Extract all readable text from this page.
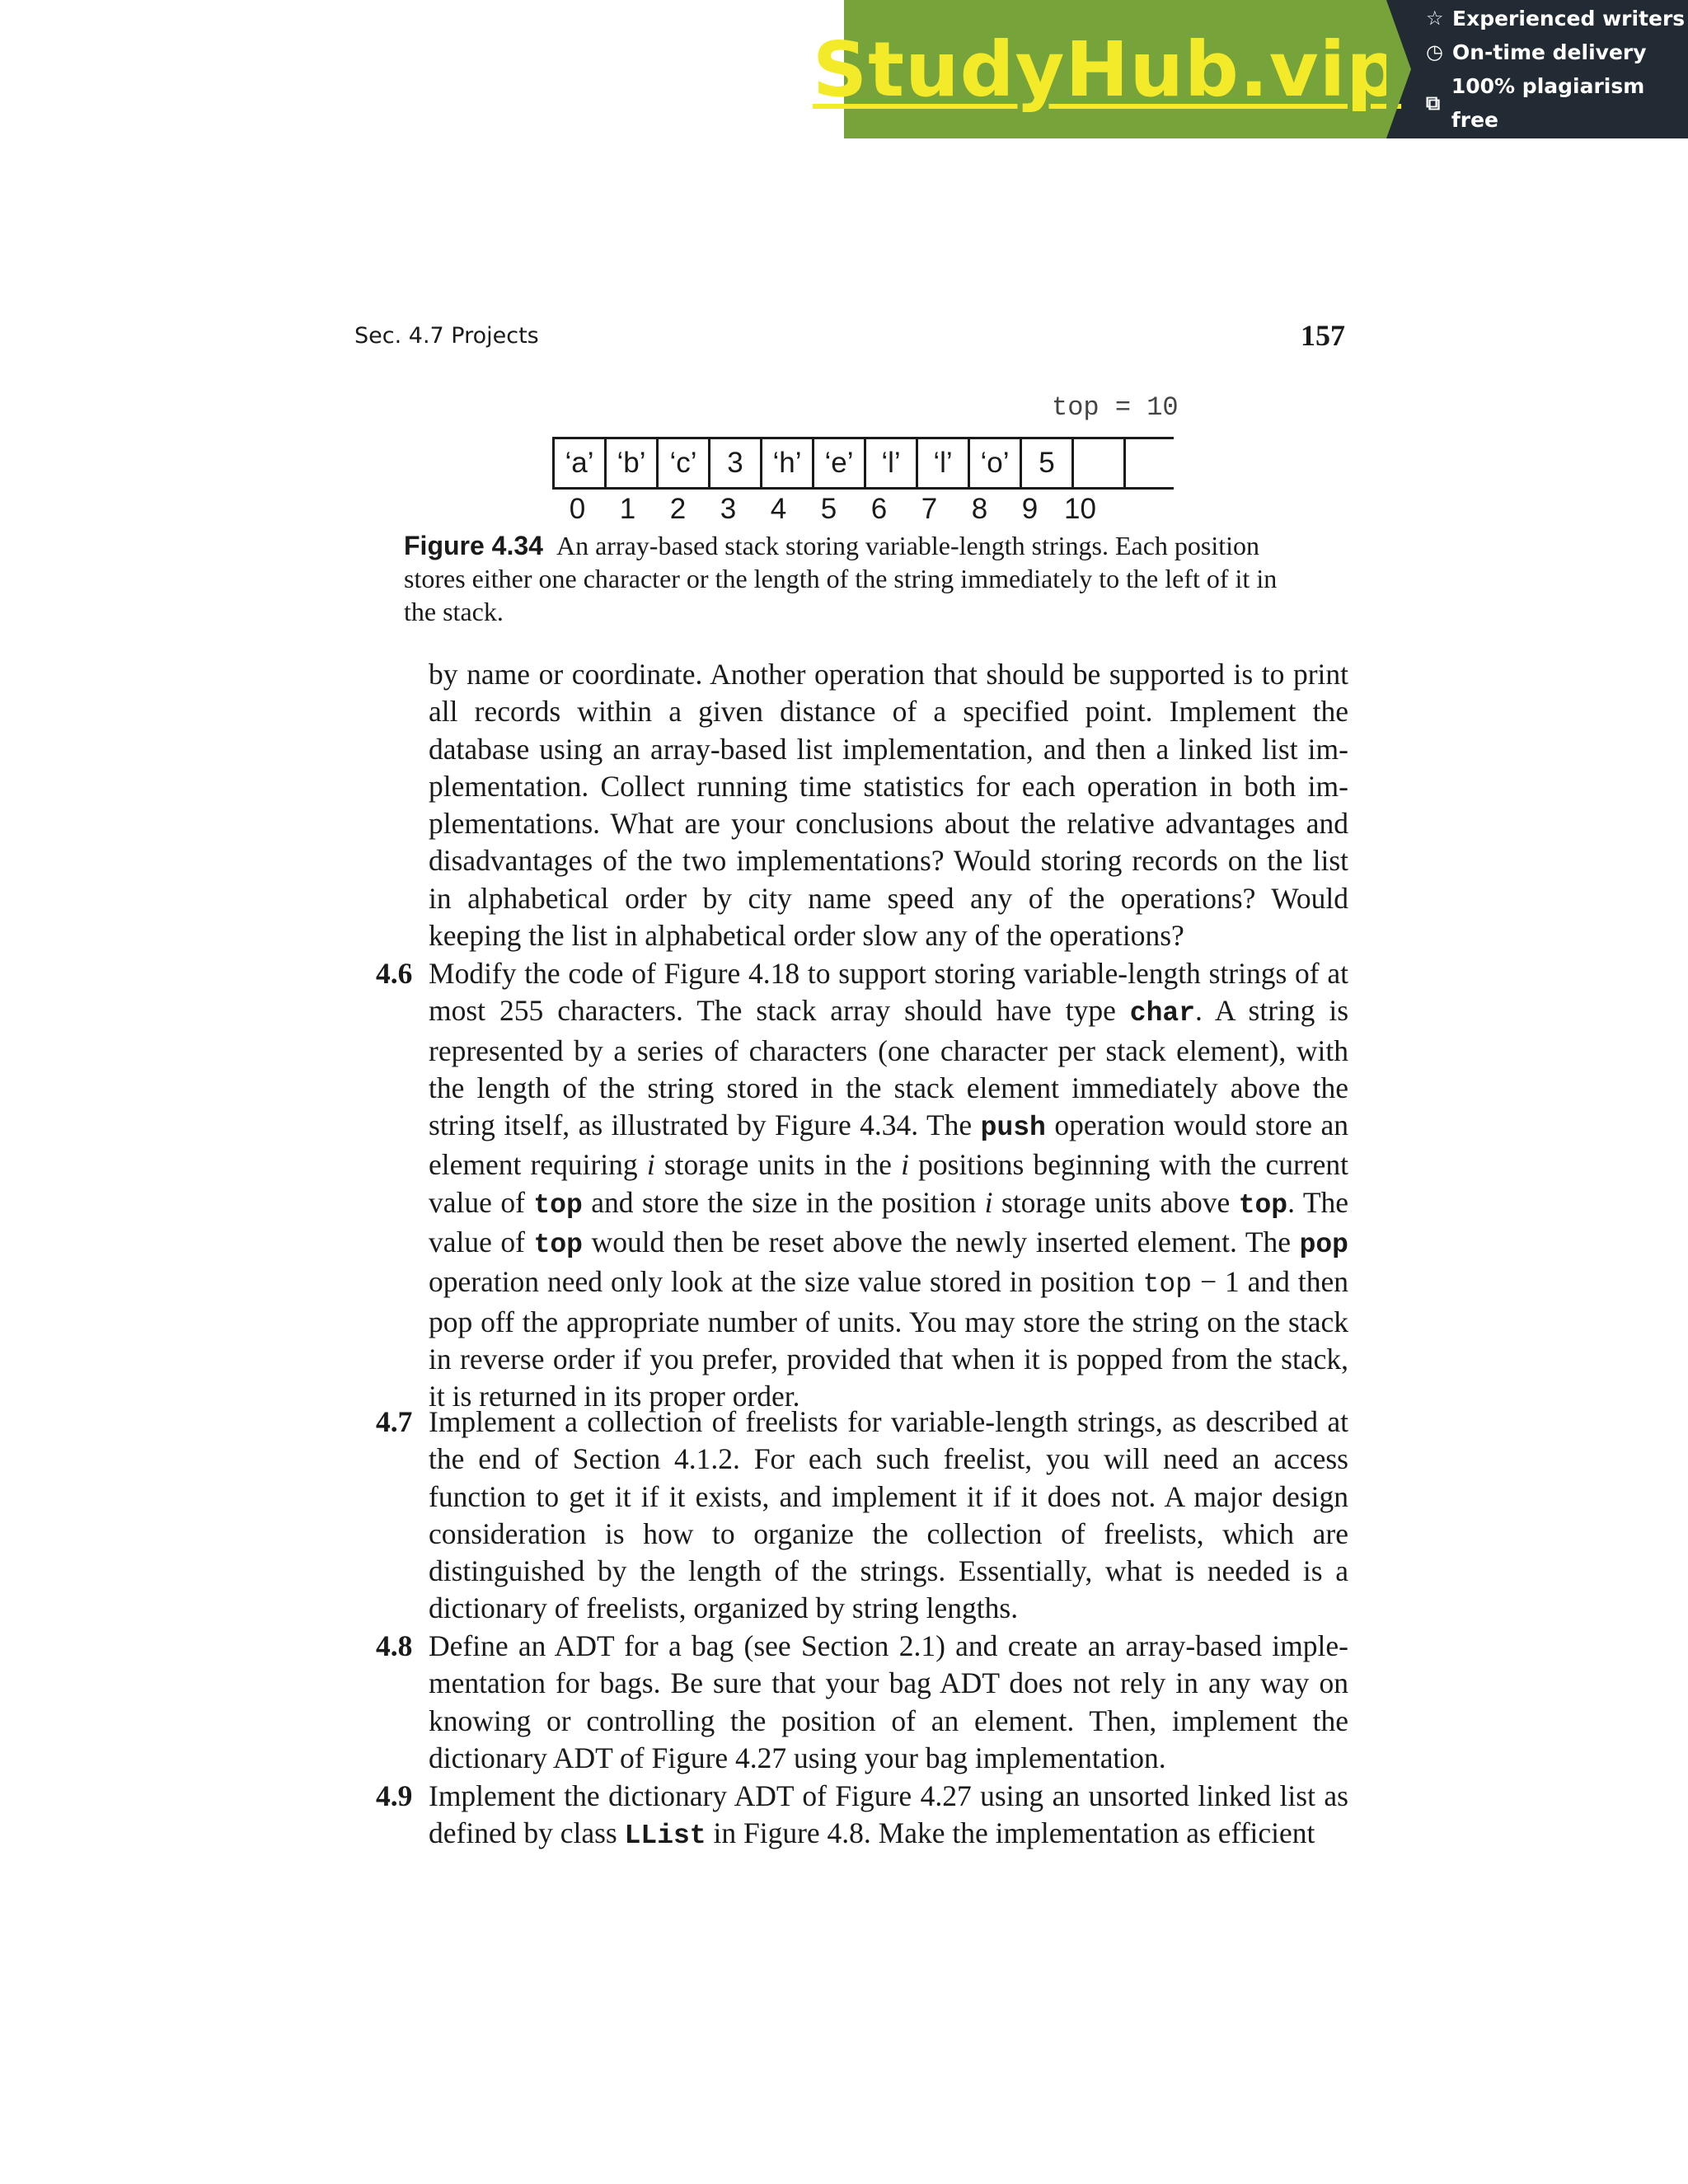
StudyHub.vip
☆ Experienced writers
◷ On-time delivery
⧉
100% plagiarism free
Sec. 4.7 Projects	157
top = 10
‘a’ ‘b’ ‘c’	3	‘h’ ‘e’ ‘l’	‘l’ ‘o’	5
0	1	2	3	4	5	6	7	8	9 10
Figure 4.34 An array-based stack storing variable-length strings. Each position stores either one character or the length of the string immediately to the left of it in the stack.
by name or coordinate. Another operation that should be supported is to print all records within a given distance of a specified point. Implement the database using an array-based list implementation, and then a linked list implementation. Collect running time statistics for each operation in both implementations. What are your conclusions about the relative advantages and disadvantages of the two implementations? Would storing records on the list in alphabetical order by city name speed any of the operations? Would keeping the list in alphabetical order slow any of the operations?
4.6 Modify the code of Figure 4.18 to support storing variable-length strings of at most 255 characters. The stack array should have type char. A string is represented by a series of characters (one character per stack element), with the length of the string stored in the stack element immediately above the string itself, as illustrated by Figure 4.34. The push operation would store an element requiring i storage units in the i positions beginning with the current value of top and store the size in the position i storage units above top. The value of top would then be reset above the newly inserted element. The pop operation need only look at the size value stored in position top − 1 and then pop off the appropriate number of units. You may store the string on the stack in reverse order if you prefer, provided that when it is popped from the stack, it is returned in its proper order.
4.7 Implement a collection of freelists for variable-length strings, as described at the end of Section 4.1.2. For each such freelist, you will need an access function to get it if it exists, and implement it if it does not. A major design consideration is how to organize the collection of freelists, which are distinguished by the length of the strings. Essentially, what is needed is a dictionary of freelists, organized by string lengths.
4.8 Define an ADT for a bag (see Section 2.1) and create an array-based implementation for bags. Be sure that your bag ADT does not rely in any way on knowing or controlling the position of an element. Then, implement the dictionary ADT of Figure 4.27 using your bag implementation.
4.9 Implement the dictionary ADT of Figure 4.27 using an unsorted linked list as defined by class LList in Figure 4.8. Make the implementation as efficient
